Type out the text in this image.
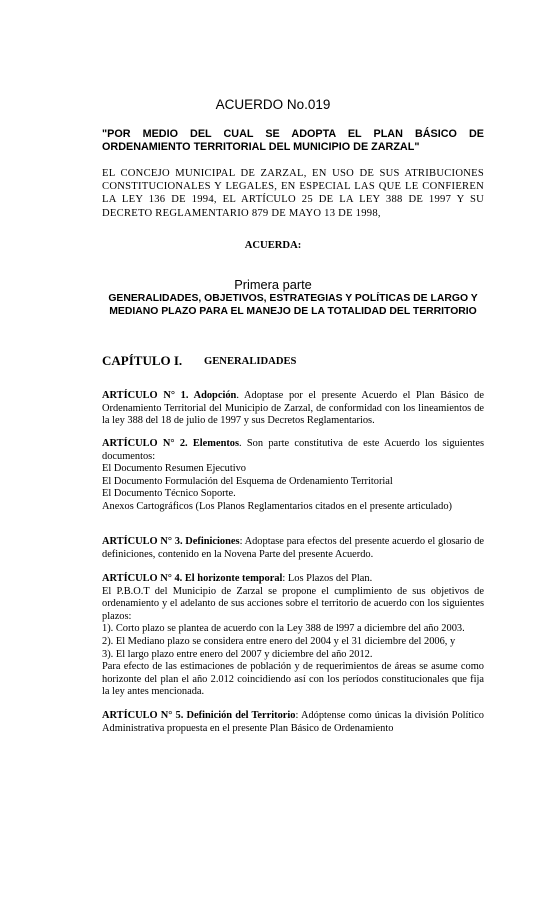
ACUERDO No.019
"POR MEDIO DEL CUAL SE ADOPTA EL PLAN BÁSICO DE ORDENAMIENTO TERRITORIAL DEL MUNICIPIO DE ZARZAL"
EL CONCEJO MUNICIPAL DE ZARZAL, EN USO DE SUS ATRIBUCIONES CONSTITUCIONALES Y LEGALES, EN ESPECIAL LAS QUE LE CONFIEREN LA LEY 136 DE 1994, EL ARTÍCULO 25 DE LA LEY 388 DE 1997 Y SU DECRETO REGLAMENTARIO 879 DE MAYO 13 DE 1998,
ACUERDA:
Primera parte
GENERALIDADES, OBJETIVOS, ESTRATEGIAS Y POLÍTICAS DE LARGO Y MEDIANO PLAZO PARA EL MANEJO DE LA TOTALIDAD DEL TERRITORIO
CAPÍTULO I. GENERALIDADES
ARTÍCULO N° 1. Adopción. Adoptase por el presente Acuerdo el Plan Básico de Ordenamiento Territorial del Municipio de Zarzal, de conformidad con los lineamientos de la ley 388 del 18 de julio de 1997 y sus Decretos Reglamentarios.
ARTÍCULO N° 2. Elementos. Son parte constitutiva de este Acuerdo los siguientes documentos:
El Documento Resumen Ejecutivo
El Documento Formulación del Esquema de Ordenamiento Territorial
El Documento Técnico Soporte.
Anexos Cartográficos (Los Planos Reglamentarios citados en el presente articulado)
ARTÍCULO N° 3. Definiciones: Adoptase para efectos del presente acuerdo el glosario de definiciones, contenido en la Novena Parte del presente Acuerdo.
ARTÍCULO N° 4. El horizonte temporal: Los Plazos del Plan.
El P.B.O.T del Municipio de Zarzal se propone el cumplimiento de sus objetivos de ordenamiento y el adelanto de sus acciones sobre el territorio de acuerdo con los siguientes plazos:
1). Corto plazo se plantea de acuerdo con la Ley 388 de l997 a diciembre del año 2003.
2). El Mediano plazo se considera entre enero del 2004 y el 31 diciembre del 2006, y
3). El largo plazo entre enero del 2007 y diciembre del año 2012.
Para efecto de las estimaciones de población y de requerimientos de áreas se asume como horizonte del plan el año 2.012 coincidiendo así con los períodos constitucionales que fija la ley antes mencionada.
ARTÍCULO N° 5. Definición del Territorio: Adóptense como únicas la división Político Administrativa propuesta en el presente Plan Básico de Ordenamiento
